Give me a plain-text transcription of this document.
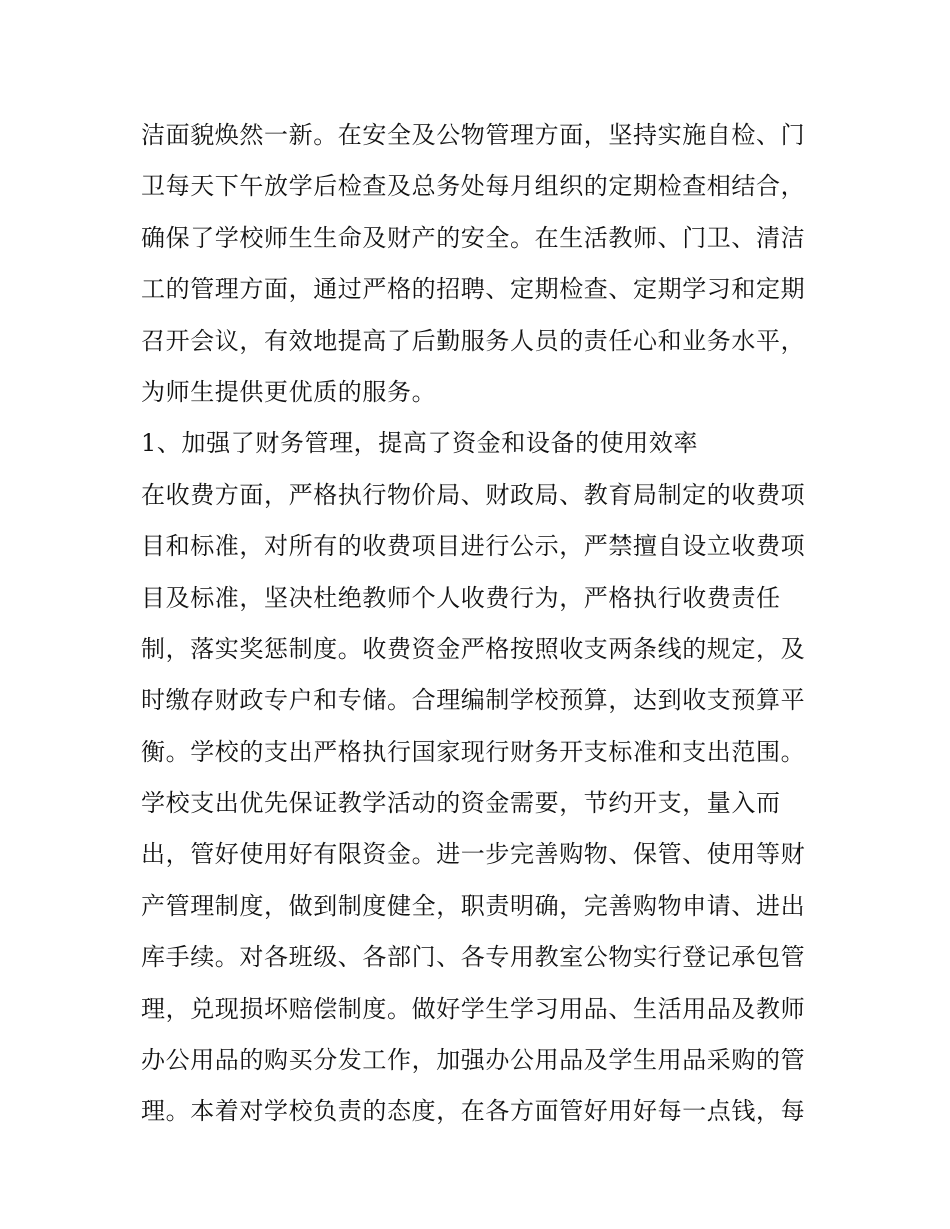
洁面貌焕然一新。在安全及公物管理方面，坚持实施自检、门
卫每天下午放学后检查及总务处每月组织的定期检查相结合，
确保了学校师生生命及财产的安全。在生活教师、门卫、清洁
工的管理方面，通过严格的招聘、定期检查、定期学习和定期
召开会议，有效地提高了后勤服务人员的责任心和业务水平，
为师生提供更优质的服务。
1、加强了财务管理，提高了资金和设备的使用效率
在收费方面，严格执行物价局、财政局、教育局制定的收费项
目和标准，对所有的收费项目进行公示，严禁擅自设立收费项
目及标准，坚决杜绝教师个人收费行为，严格执行收费责任
制，落实奖惩制度。收费资金严格按照收支两条线的规定，及
时缴存财政专户和专储。合理编制学校预算，达到收支预算平
衡。学校的支出严格执行国家现行财务开支标准和支出范围。
学校支出优先保证教学活动的资金需要，节约开支，量入而
出，管好使用好有限资金。进一步完善购物、保管、使用等财
产管理制度，做到制度健全，职责明确，完善购物申请、进出
库手续。对各班级、各部门、各专用教室公物实行登记承包管
理，兑现损坏赔偿制度。做好学生学习用品、生活用品及教师
办公用品的购买分发工作，加强办公用品及学生用品采购的管
理。本着对学校负责的态度，在各方面管好用好每一点钱，每
